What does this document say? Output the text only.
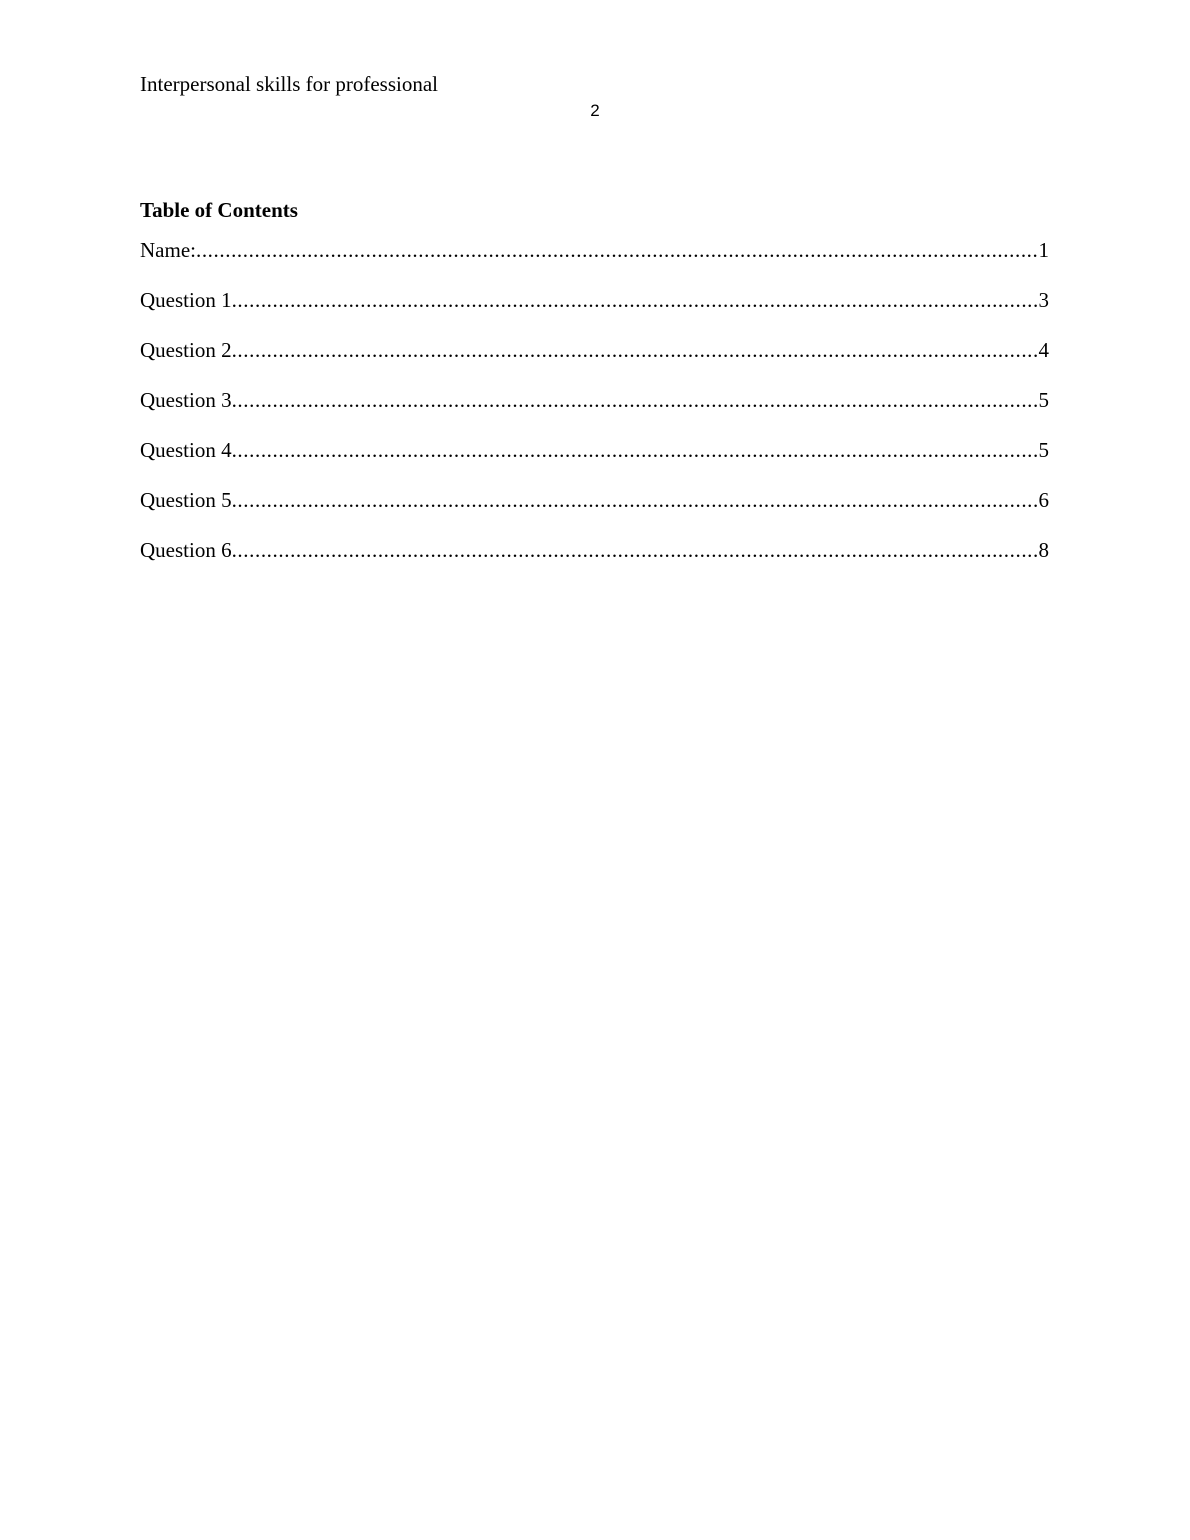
Interpersonal skills for professional
2
Table of Contents
Name: .....	1
Question 1 .....	3
Question 2 .....	4
Question 3 .....	5
Question 4 .....	5
Question 5 .....	6
Question 6 .....	8
